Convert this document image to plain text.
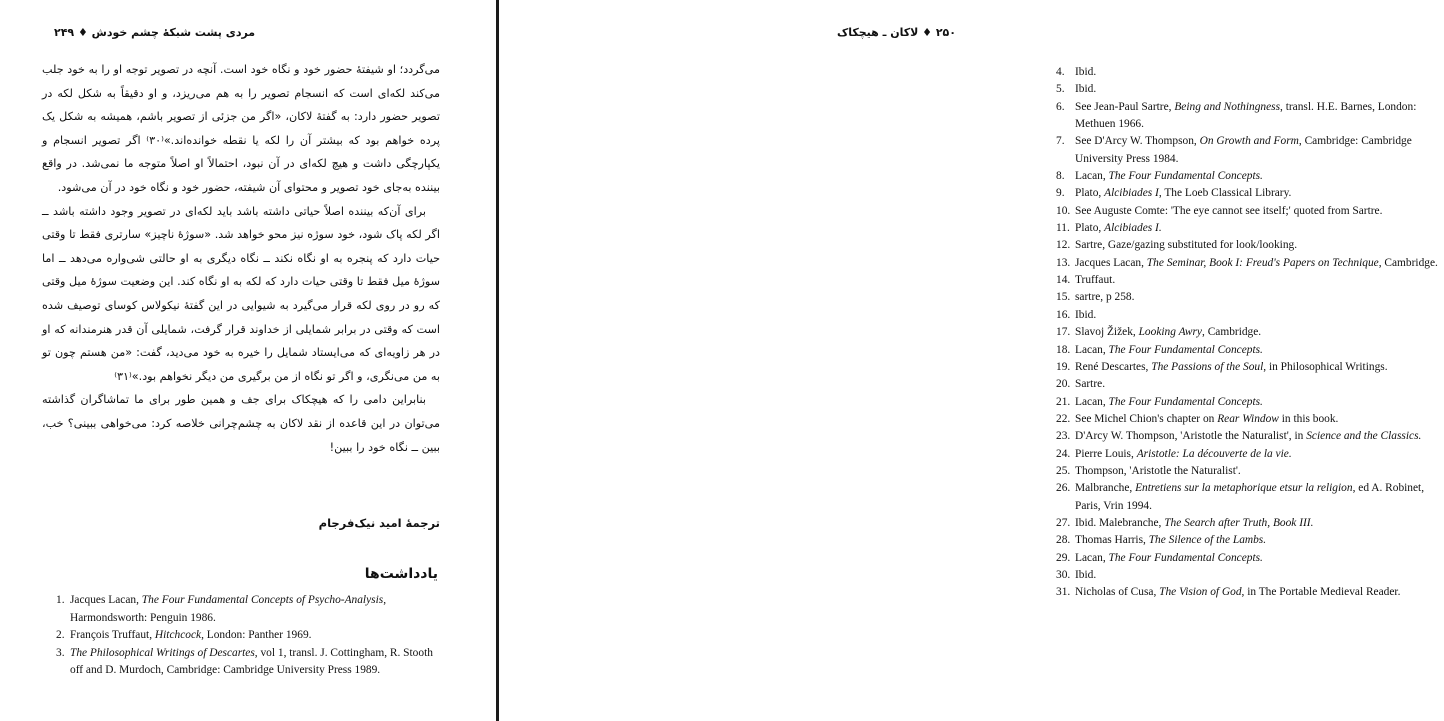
مردی پشت شبکهٔ چشم خودش ♦ ۲۴۹

می‌گردد؛ او شیفتهٔ حضور خود و نگاه خود است. آنچه در تصویر توجه او را به خود جلب می‌کند لکه‌ای است که انسجام تصویر را به هم می‌ریزد، و او دقیقاً به شکل لکه در تصویر حضور دارد: به گفتهٔ لاکان، «اگر من جزئی از تصویر باشم، همیشه به شکل یک پرده خواهم بود که بیشتر آن را لکه یا نقطه خوانده‌اند.»⁽۳۰⁾ اگر تصویر انسجام و یکپارچگی داشت و هیچ لکه‌ای در آن نبود، احتمالاً او اصلاً متوجه ما نمی‌شد. در واقع بیننده به‌جای خود تصویر و محتوای آن شیفته، حضور خود و نگاه خود در آن می‌شود.

برای آن‌که بیننده اصلاً حیاتی داشته باشد باید لکه‌ای در تصویر وجود داشته باشد ــ اگر لکه پاک شود، خود سوژه نیز محو خواهد شد. «سوژهٔ ناچیز» سارتری فقط تا وقتی حیات دارد که پنجره به او نگاه نکند ــ نگاه دیگری به او حالتی شی‌واره می‌دهد ــ اما سوژهٔ میل فقط تا وقتی حیات دارد که لکه به او نگاه کند. این وضعیت سوژهٔ میل وقتی که رو در روی لکه قرار می‌گیرد به شیوایی در این گفتهٔ نیکولاس کوسای توصیف شده است که وقتی در برابر شمایلی از خداوند قرار گرفت، شمایلی آن قدر هنرمندانه که او در هر زاویه‌ای که می‌ایستاد شمایل را خیره به خود می‌دید، گفت: «من هستم چون تو به من می‌نگری، و اگر تو نگاه از من برگیری من دیگر نخواهم بود.»⁽۳۱⁾

بنابراین دامی را که هیچکاک برای جف و همین طور برای ما تماشاگران گذاشته می‌توان در این قاعده از نقد لاکان به چشم‌چرانی خلاصه کرد: می‌خواهی ببینی؟ خب، ببین ــ نگاه خود را ببین!

ترجمهٔ امید نیک‌فرجام
یادداشت‌ها
1. Jacques Lacan, The Four Fundamental Concepts of Psycho-Analysis, Harmondsworth: Penguin 1986.
2. François Truffaut, Hitchcock, London: Panther 1969.
3. The Philosophical Writings of Descartes, vol 1, transl. J. Cottingham, R. Stooth off and D. Murdoch, Cambridge: Cambridge University Press 1989.
۲۵۰ ♦ لاکان ـ هیچکاک
4. Ibid.
5. Ibid.
6. See Jean-Paul Sartre, Being and Nothingness, transl. H.E. Barnes, London: Methuen 1966.
7. See D'Arcy W. Thompson, On Growth and Form, Cambridge: Cambridge University Press 1984.
8. Lacan, The Four Fundamental Concepts.
9. Plato, Alcibiades I, The Loeb Classical Library.
10. See Auguste Comte: 'The eye cannot see itself;' quoted from Sartre.
11. Plato, Alcibiades I.
12. Sartre, Gaze/gazing substituted for look/looking.
13. Jacques Lacan, The Seminar, Book I: Freud's Papers on Technique, Cambridge.
14. Truffaut.
15. sartre, p 258.
16. Ibid.
17. Slavoj Žižek, Looking Awry, Cambridge.
18. Lacan, The Four Fundamental Concepts.
19. René Descartes, The Passions of the Soul, in Philosophical Writings.
20. Sartre.
21. Lacan, The Four Fundamental Concepts.
22. See Michel Chion's chapter on Rear Window in this book.
23. D'Arcy W. Thompson, 'Aristotle the Naturalist', in Science and the Classics.
24. Pierre Louis, Aristotle: La découverte de la vie.
25. Thompson, 'Aristotle the Naturalist'.
26. Malbranche, Entretiens sur la metaphorique etsur la religion, ed A. Robinet, Paris, Vrin 1994.
27. Ibid. Malebranche, The Search after Truth, Book III.
28. Thomas Harris, The Silence of the Lambs.
29. Lacan, The Four Fundamental Concepts.
30. Ibid.
31. Nicholas of Cusa, The Vision of God, in The Portable Medieval Reader.
